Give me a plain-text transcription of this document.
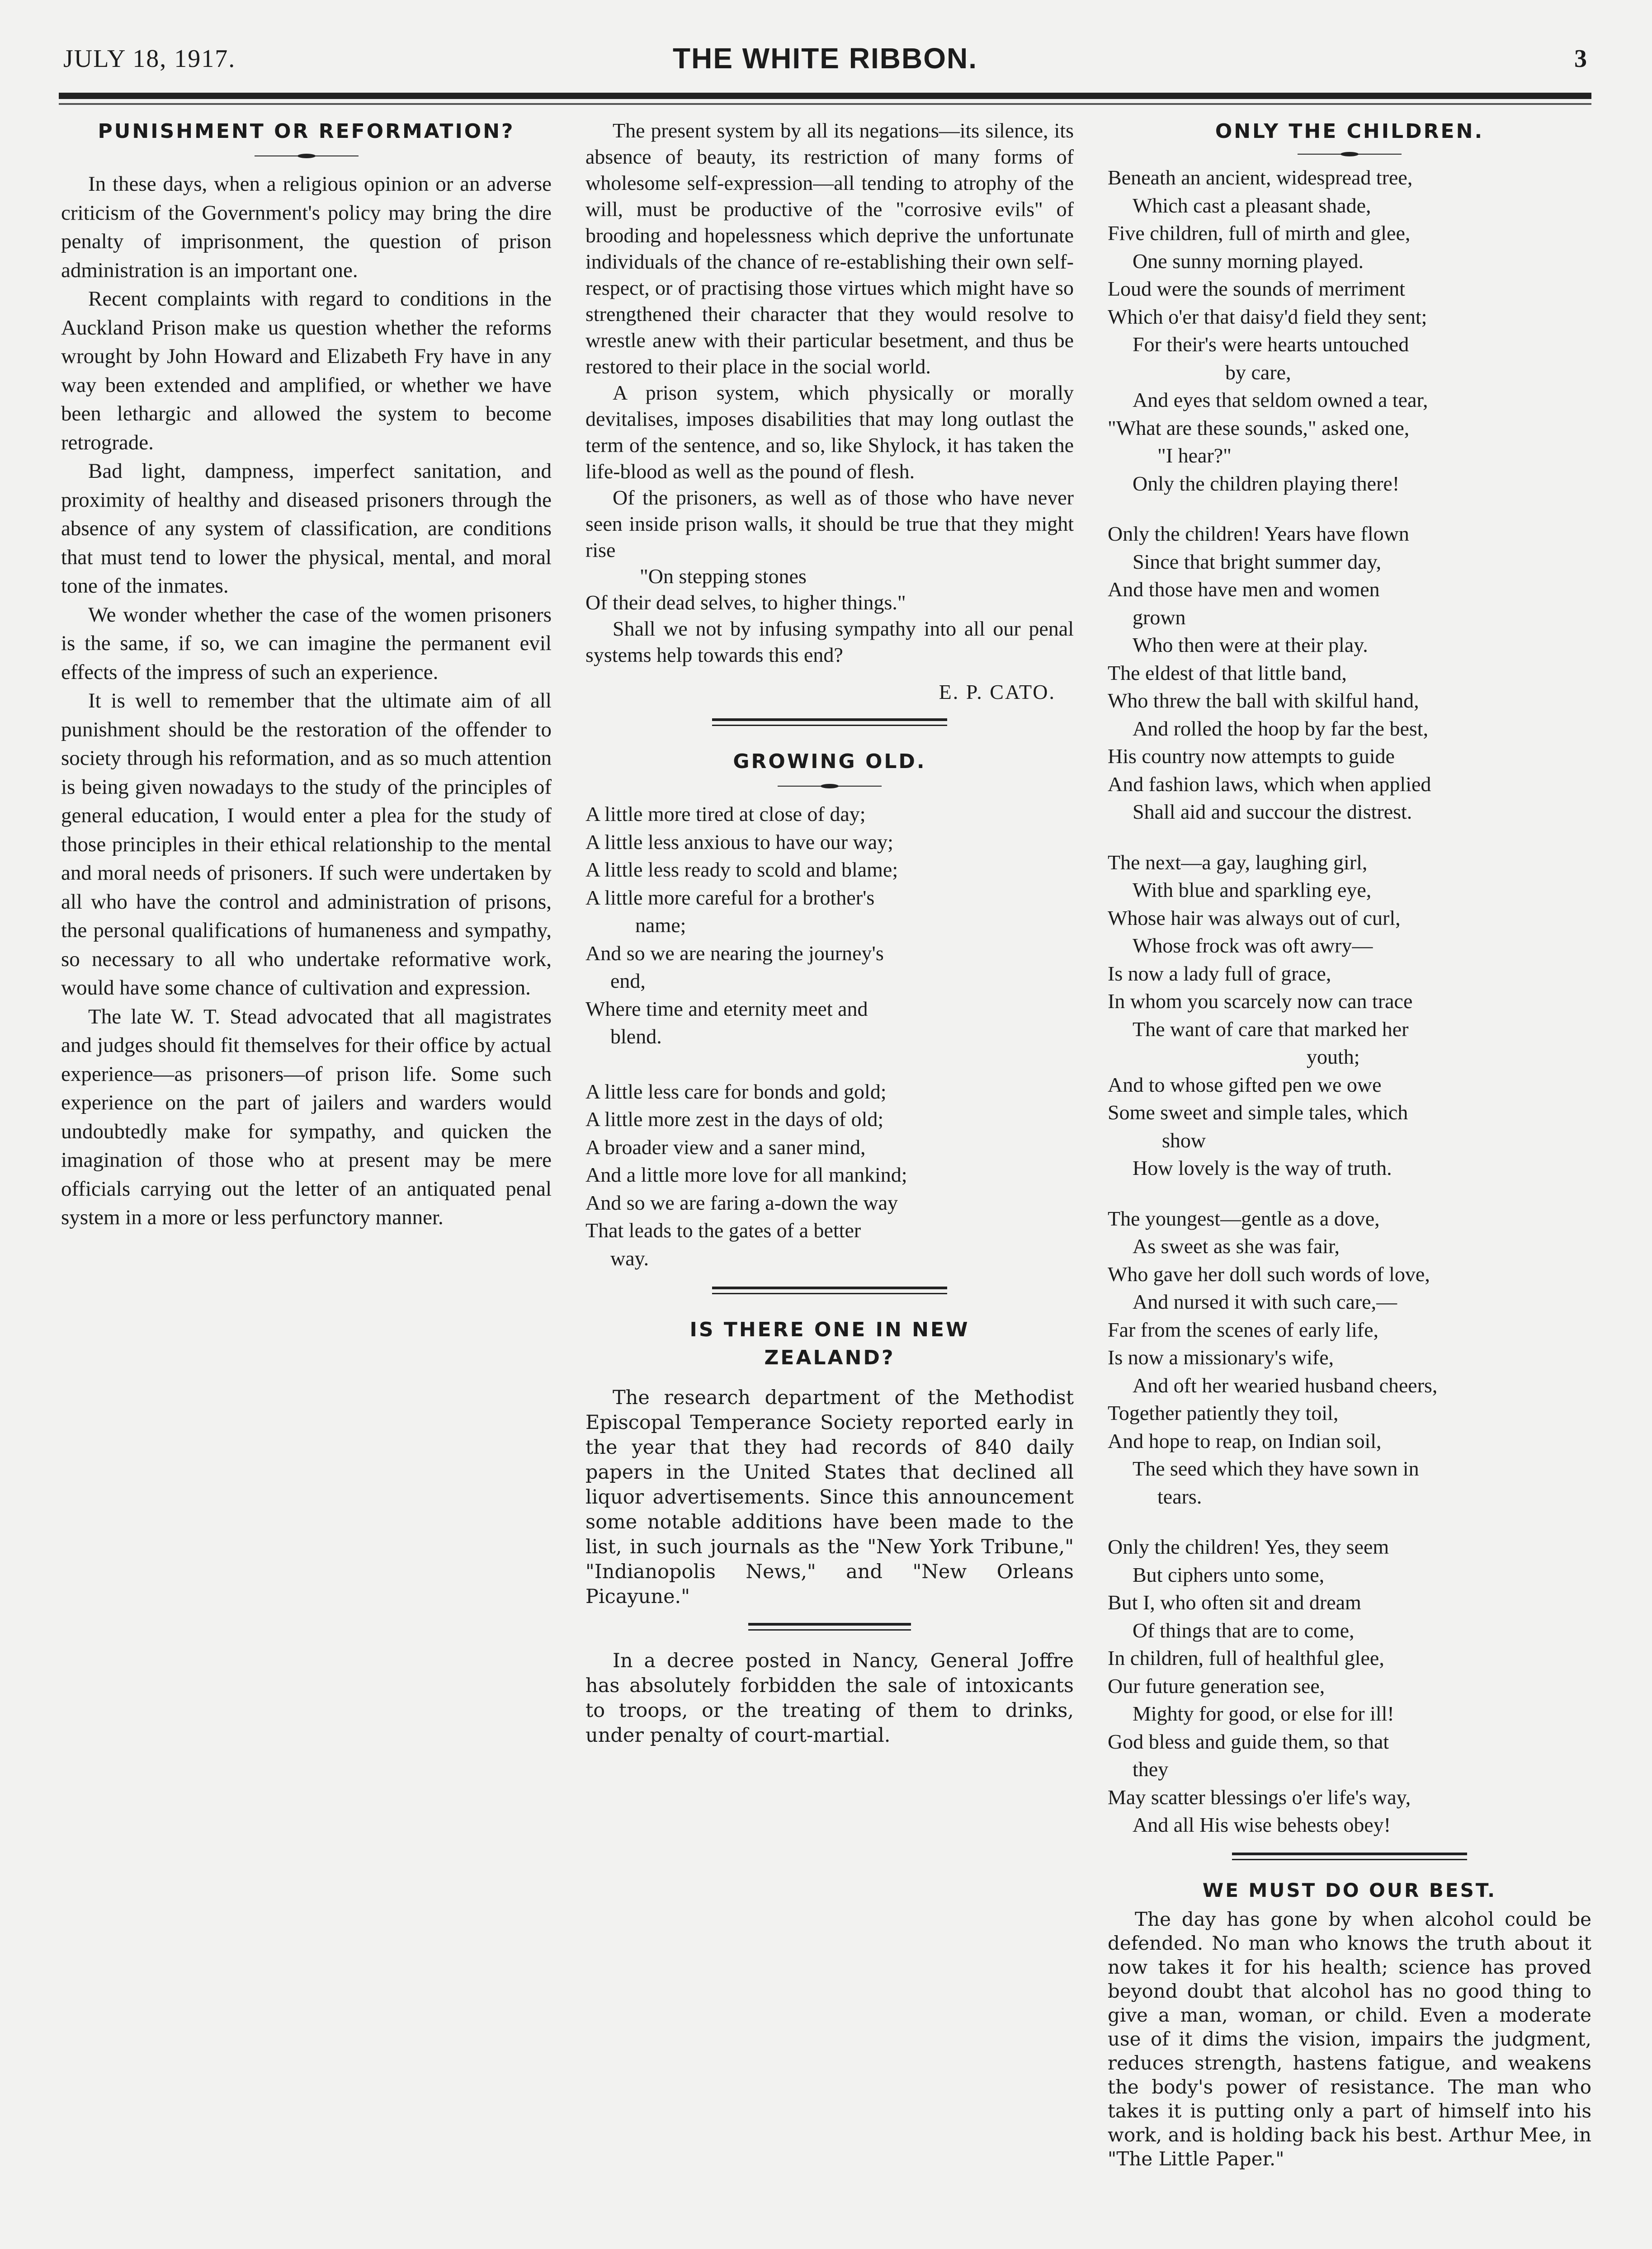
JULY 18, 1917.	THE WHITE RIBBON.	3
PUNISHMENT OR REFORMATION?

In these days, when a religious opinion or an adverse criticism of the Government's policy may bring the dire penalty of imprisonment, the question of prison administration is an important one.

Recent complaints with regard to conditions in the Auckland Prison make us question whether the reforms wrought by John Howard and Elizabeth Fry have in any way been extended and amplified, or whether we have been lethargic and allowed the system to become retrograde.

Bad light, dampness, imperfect sanitation, and proximity of healthy and diseased prisoners through the absence of any system of classification, are conditions that must tend to lower the physical, mental, and moral tone of the inmates.

We wonder whether the case of the women prisoners is the same, if so, we can imagine the permanent evil effects of the impress of such an experience.

It is well to remember that the ultimate aim of all punishment should be the restoration of the offender to society through his reformation, and as so much attention is being given nowadays to the study of the principles of general education, I would enter a plea for the study of those principles in their ethical relationship to the mental and moral needs of prisoners. If such were undertaken by all who have the control and administration of prisons, the personal qualifications of humaneness and sympathy, so necessary to all who undertake reformative work, would have some chance of cultivation and expression.

The late W. T. Stead advocated that all magistrates and judges should fit themselves for their office by actual experience—as prisoners—of prison life. Some such experience on the part of jailers and warders would undoubtedly make for sympathy, and quicken the imagination of those who at present may be mere officials carrying out the letter of an antiquated penal system in a more or less perfunctory manner.

The present system by all its negations—its silence, its absence of beauty, its restriction of many forms of wholesome self-expression—all tending to atrophy of the will, must be productive of the "corrosive evils" of brooding and hopelessness which deprive the unfortunate individuals of the chance of re-establishing their own self-respect, or of practising those virtues which might have so strengthened their character that they would resolve to wrestle anew with their particular besetment, and thus be restored to their place in the social world.

A prison system, which physically or morally devitalises, imposes disabilities that may long outlast the term of the sentence, and so, like Shylock, it has taken the life-blood as well as the pound of flesh.

Of the prisoners, as well as of those who have never seen inside prison walls, it should be true that they might rise

"On stepping stones

Of their dead selves, to higher things."

Shall we not by infusing sympathy into all our penal systems help towards this end?

E. P. CATO.
GROWING OLD.
A little more tired at close of day;
A little less anxious to have our way;
A little less ready to scold and blame;
A little more careful for a brother's
name;
And so we are nearing the journey's
end,
Where time and eternity meet and
blend.
A little less care for bonds and gold;
A little more zest in the days of old;
A broader view and a saner mind,
And a little more love for all mankind;
And so we are faring a-down the way
That leads to the gates of a better
way.
IS THERE ONE IN NEW
ZEALAND?

The research department of the Methodist Episcopal Temperance Society reported early in the year that they had records of 840 daily papers in the United States that declined all liquor advertisements. Since this announcement some notable additions have been made to the list, in such journals as the "New York Tribune," "Indianopolis News," and "New Orleans Picayune."

In a decree posted in Nancy, General Joffre has absolutely forbidden the sale of intoxicants to troops, or the treating of them to drinks, under penalty of court-martial.

ONLY THE CHILDREN.
Beneath an ancient, widespread tree,
Which cast a pleasant shade,
Five children, full of mirth and glee,
One sunny morning played.
Loud were the sounds of merriment
Which o'er that daisy'd field they sent;
For their's were hearts untouched
by care,
And eyes that seldom owned a tear,
"What are these sounds," asked one,
"I hear?"
Only the children playing there!
Only the children! Years have flown
Since that bright summer day,
And those have men and women
grown
Who then were at their play.
The eldest of that little band,
Who threw the ball with skilful hand,
And rolled the hoop by far the best,
His country now attempts to guide
And fashion laws, which when applied
Shall aid and succour the distrest.
The next—a gay, laughing girl,
With blue and sparkling eye,
Whose hair was always out of curl,
Whose frock was oft awry—
Is now a lady full of grace,
In whom you scarcely now can trace
The want of care that marked her
youth;
And to whose gifted pen we owe
Some sweet and simple tales, which
show
How lovely is the way of truth.
The youngest—gentle as a dove,
As sweet as she was fair,
Who gave her doll such words of love,
And nursed it with such care,—
Far from the scenes of early life,
Is now a missionary's wife,
And oft her wearied husband cheers,
Together patiently they toil,
And hope to reap, on Indian soil,
The seed which they have sown in
tears.
Only the children! Yes, they seem
But ciphers unto some,
But I, who often sit and dream
Of things that are to come,
In children, full of healthful glee,
Our future generation see,
Mighty for good, or else for ill!
God bless and guide them, so that
they
May scatter blessings o'er life's way,
And all His wise behests obey!
WE MUST DO OUR BEST.

The day has gone by when alcohol could be defended. No man who knows the truth about it now takes it for his health; science has proved beyond doubt that alcohol has no good thing to give a man, woman, or child. Even a moderate use of it dims the vision, impairs the judgment, reduces strength, hastens fatigue, and weakens the body's power of resistance. The man who takes it is putting only a part of himself into his work, and is holding back his best. Arthur Mee, in "The Little Paper."
